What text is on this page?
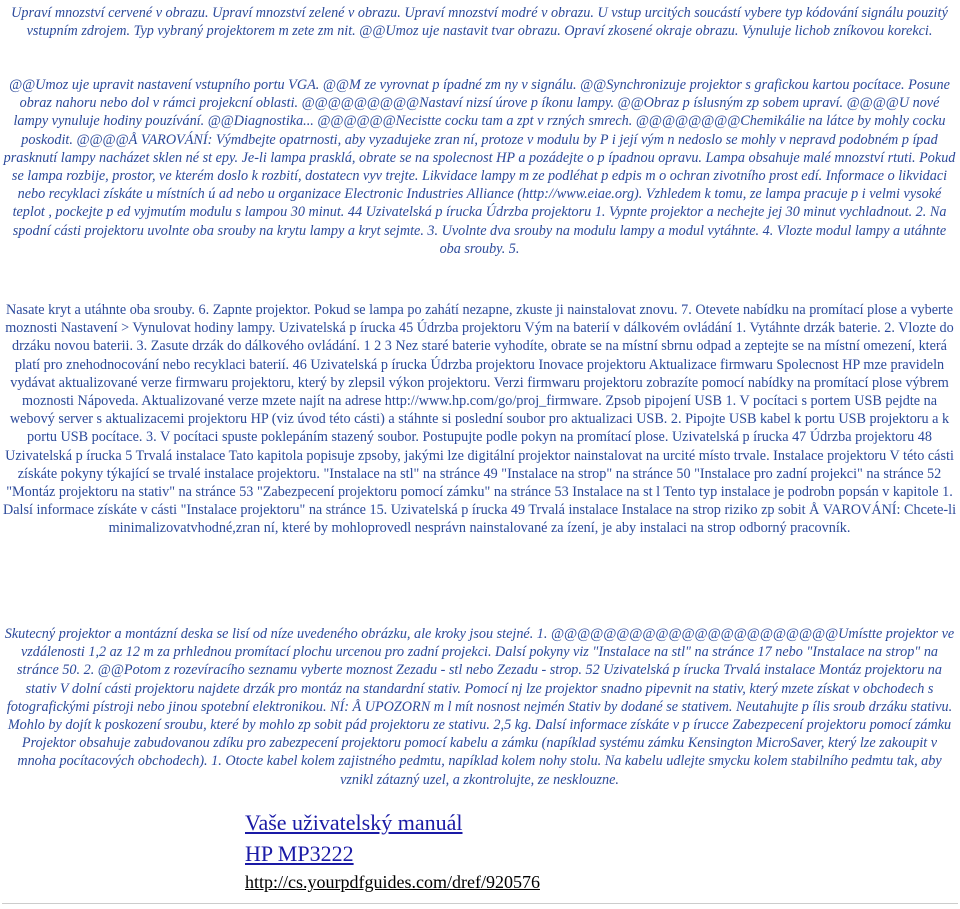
Upraví mnozství cervené v obrazu. Upraví mnozství zelené v obrazu. Upraví mnozství modré v obrazu. U vstup urcitých soucástí vybere typ kódování signálu pouzitý vstupním zdrojem. Typ vybraný projektorem m zete zm nit. @@Umoz uje nastavit tvar obrazu. Opraví zkosené okraje obrazu. Vynuluje lichob zníkovou korekci.

@@Umoz uje upravit nastavení vstupního portu VGA. @@M ze vyrovnat p ípadné zm ny v signálu. @@Synchronizuje projektor s grafickou kartou pocítace. Posune obraz nahoru nebo dol v rámci projekcní oblasti. @@@@@@@@@Nastaví nizsí úrove p íkonu lampy. @@Obraz p íslusným zp sobem upraví. @@@@U nové lampy vynuluje hodiny pouzívání. @@Diagnostika... @@@@@@Necistte cocku tam a zpt v rzných smrech. @@@@@@@@Chemikálie na látce by mohly cocku poskodit. @@@@Å VAROVÁNÍ: Výmdbejte opatrnosti, aby vyzadujeke zran ní, protoze v modulu by P i její vým n nedoslo se mohly v nepravd podobném p ípad prasknutí lampy nacházet sklen né st epy. Je-li lampa prasklá, obrate se na spolecnost HP a pozádejte o p ípadnou opravu. Lampa obsahuje malé mnozství rtuti. Pokud se lampa rozbije, prostor, ve kterém doslo k rozbití, dostatecn vyv trejte. Likvidace lampy m ze podléhat p edpis m o ochran zivotního prost edí. Informace o likvidaci nebo recyklaci získáte u místních ú ad nebo u organizace Electronic Industries Alliance (http://www.eiae.org). Vzhledem k tomu, ze lampa pracuje p i velmi vysoké teplot , pockejte p ed vyjmutím modulu s lampou 30 minut. 44 Uzivatelská p írucka Údrzba projektoru 1. Vypnte projektor a nechejte jej 30 minut vychladnout. 2. Na spodní cásti projektoru uvolnte oba srouby na krytu lampy a kryt sejmte. 3. Uvolnte dva srouby na modulu lampy a modul vytáhnte. 4. Vlozte modul lampy a utáhnte oba srouby. 5.

Nasate kryt a utáhnte oba srouby. 6. Zapnte projektor. Pokud se lampa po zahátí nezapne, zkuste ji nainstalovat znovu. 7. Otevete nabídku na promítací plose a vyberte moznosti Nastavení > Vynulovat hodiny lampy. Uzivatelská p írucka 45 Údrzba projektoru Vým na baterií v dálkovém ovládání 1. Vytáhnte drzák baterie. 2. Vlozte do drzáku novou baterii. 3. Zasute drzák do dálkového ovládání. 1 2 3 Nez staré baterie vyhodíte, obrate se na místní sbrnu odpad a zeptejte se na místní omezení, která platí pro znehodnocování nebo recyklaci baterií. 46 Uzivatelská p írucka Údrzba projektoru Inovace projektoru Aktualizace firmwaru Spolecnost HP mze pravideln vydávat aktualizované verze firmwaru projektoru, který by zlepsil výkon projektoru. Verzi firmwaru projektoru zobrazíte pomocí nabídky na promítací plose výbrem moznosti Nápoveda. Aktualizované verze mzete najít na adrese http://www.hp.com/go/proj_firmware. Zpsob pipojení USB 1. V pocítaci s portem USB pejdte na webový server s aktualizacemi projektoru HP (viz úvod této cásti) a stáhnte si poslední soubor pro aktualizaci USB. 2. Pipojte USB kabel k portu USB projektoru a k portu USB pocítace. 3. V pocítaci spuste poklepáním stazený soubor. Postupujte podle pokyn na promítací plose. Uzivatelská p írucka 47 Údrzba projektoru 48 Uzivatelská p írucka 5 Trvalá instalace Tato kapitola popisuje zpsoby, jakými lze digitální projektor nainstalovat na urcité místo trvale. Instalace projektoru V této cásti získáte pokyny týkající se trvalé instalace projektoru. "Instalace na stl" na stránce 49 "Instalace na strop" na stránce 50 "Instalace pro zadní projekci" na stránce 52 "Montáz projektoru na stativ" na stránce 53 "Zabezpecení projektoru pomocí zámku" na stránce 53 Instalace na st l Tento typ instalace je podrobn popsán v kapitole 1. Dalsí informace získáte v cásti "Instalace projektoru" na stránce 15. Uzivatelská p írucka 49 Trvalá instalace Instalace na strop riziko zp sobit Å VAROVÁNÍ: Chcete-li minimalizovatvhodné,zran ní, které by mohloprovedl nesprávn nainstalované za ízení, je aby instalaci na strop odborný pracovník.

Skutecný projektor a montázní deska se lisí od níze uvedeného obrázku, ale kroky jsou stejné. 1. @@@@@@@@@@@@@@@@@@@@@@Umístte projektor ve vzdálenosti 1,2 az 12 m za prhlednou promítací plochu urcenou pro zadní projekci. Dalsí pokyny viz "Instalace na stl" na stránce 17 nebo "Instalace na strop" na stránce 50. 2. @@Potom z rozevíracího seznamu vyberte moznost Zezadu - stl nebo Zezadu - strop. 52 Uzivatelská p írucka Trvalá instalace Montáz projektoru na stativ V dolní cásti projektoru najdete drzák pro montáz na standardní stativ. Pomocí nj lze projektor snadno pipevnit na stativ, který mzete získat v obchodech s fotografickými pístroji nebo jinou spotební elektronikou. NÍ: Å UPOZORN m l mít nosnost nejmén Stativ by dodané se stativem. Neutahujte p ílis sroub drzáku stativu. Mohlo by dojít k poskození sroubu, které by mohlo zp sobit pád projektoru ze stativu. 2,5 kg. Dalsí informace získáte v p írucce Zabezpecení projektoru pomocí zámku Projektor obsahuje zabudovanou zdíku pro zabezpecení projektoru pomocí kabelu a zámku (napíklad systému zámku Kensington MicroSaver, který lze zakoupit v mnoha pocítacových obchodech). 1. Otocte kabel kolem zajistného pedmtu, napíklad kolem nohy stolu. Na kabelu udlejte smycku kolem stabilního pedmtu tak, aby vznikl zátazný uzel, a zkontrolujte, ze nesklouzne.

Vaše uživatelský manuál
HP MP3222
http://cs.yourpdfguides.com/dref/920576
